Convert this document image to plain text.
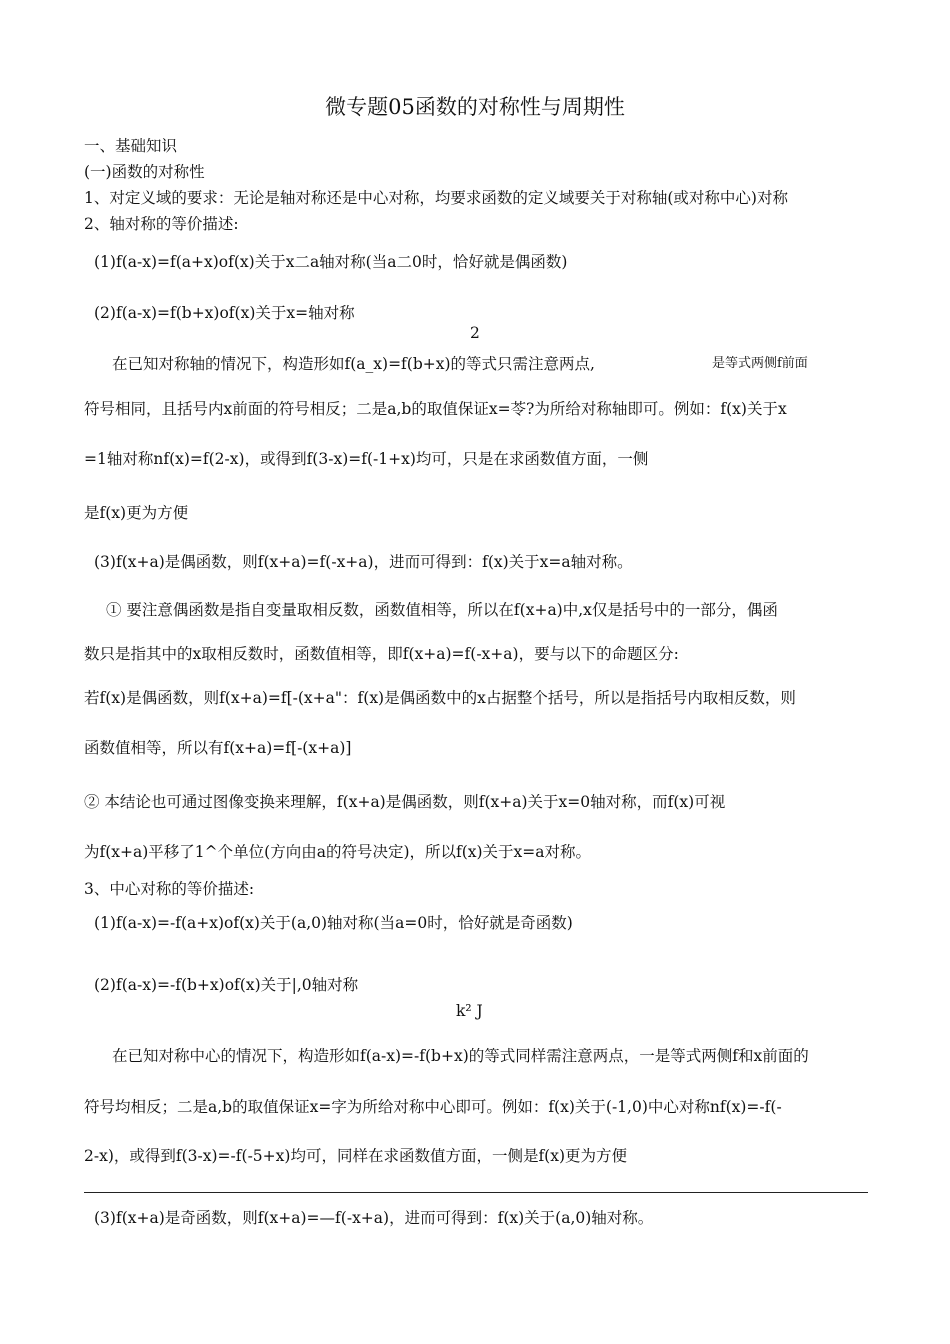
微专题05函数的对称性与周期性
一、基础知识
(一)函数的对称性
1、对定义域的要求：无论是轴对称还是中心对称，均要求函数的定义域要关于对称轴(或对称中心)对称
2、轴对称的等价描述:
(1)f(a-x)=f(a+x)of(x)关于x二a轴对称(当a二0时，恰好就是偶函数)
(2)f(a-x)=f(b+x)of(x)关于x=轴对称
2
在已知对称轴的情况下，构造形如f(a_x)=f(b+x)的等式只需注意两点,	是等式两侧f前面
符号相同，且括号内x前面的符号相反；二是a,b的取值保证x=苓?为所给对称轴即可。例如：f(x)关于x
=1轴对称nf(x)=f(2-x)，或得到f(3-x)=f(-1+x)均可，只是在求函数值方面，一侧
是f(x)更为方便
(3)f(x+a)是偶函数，则f(x+a)=f(-x+a)，进而可得到：f(x)关于x=a轴对称。
① 要注意偶函数是指自变量取相反数，函数值相等，所以在f(x+a)中,x仅是括号中的一部分，偶函
数只是指其中的x取相反数时，函数值相等，即f(x+a)=f(-x+a)，要与以下的命题区分:
若f(x)是偶函数，则f(x+a)=f[-(x+a"：f(x)是偶函数中的x占据整个括号，所以是指括号内取相反数，则
函数值相等，所以有f(x+a)=f[-(x+a)]
② 本结论也可通过图像变换来理解，f(x+a)是偶函数，则f(x+a)关于x=0轴对称，而f(x)可视
为f(x+a)平移了1^个单位(方向由a的符号决定)，所以f(x)关于x=a对称。
3、中心对称的等价描述:
(1)f(a-x)=-f(a+x)of(x)关于(a,0)轴对称(当a=0时，恰好就是奇函数)
(2)f(a-x)=-f(b+x)of(x)关于|,0轴对称
k² J
在已知对称中心的情况下，构造形如f(a-x)=-f(b+x)的等式同样需注意两点，一是等式两侧f和x前面的
符号均相反；二是a,b的取值保证x=字为所给对称中心即可。例如：f(x)关于(-1,0)中心对称nf(x)=-f(-
2-x)，或得到f(3-x)=-f(-5+x)均可，同样在求函数值方面，一侧是f(x)更为方便
(3)f(x+a)是奇函数，则f(x+a)=—f(-x+a)，进而可得到：f(x)关于(a,0)轴对称。
